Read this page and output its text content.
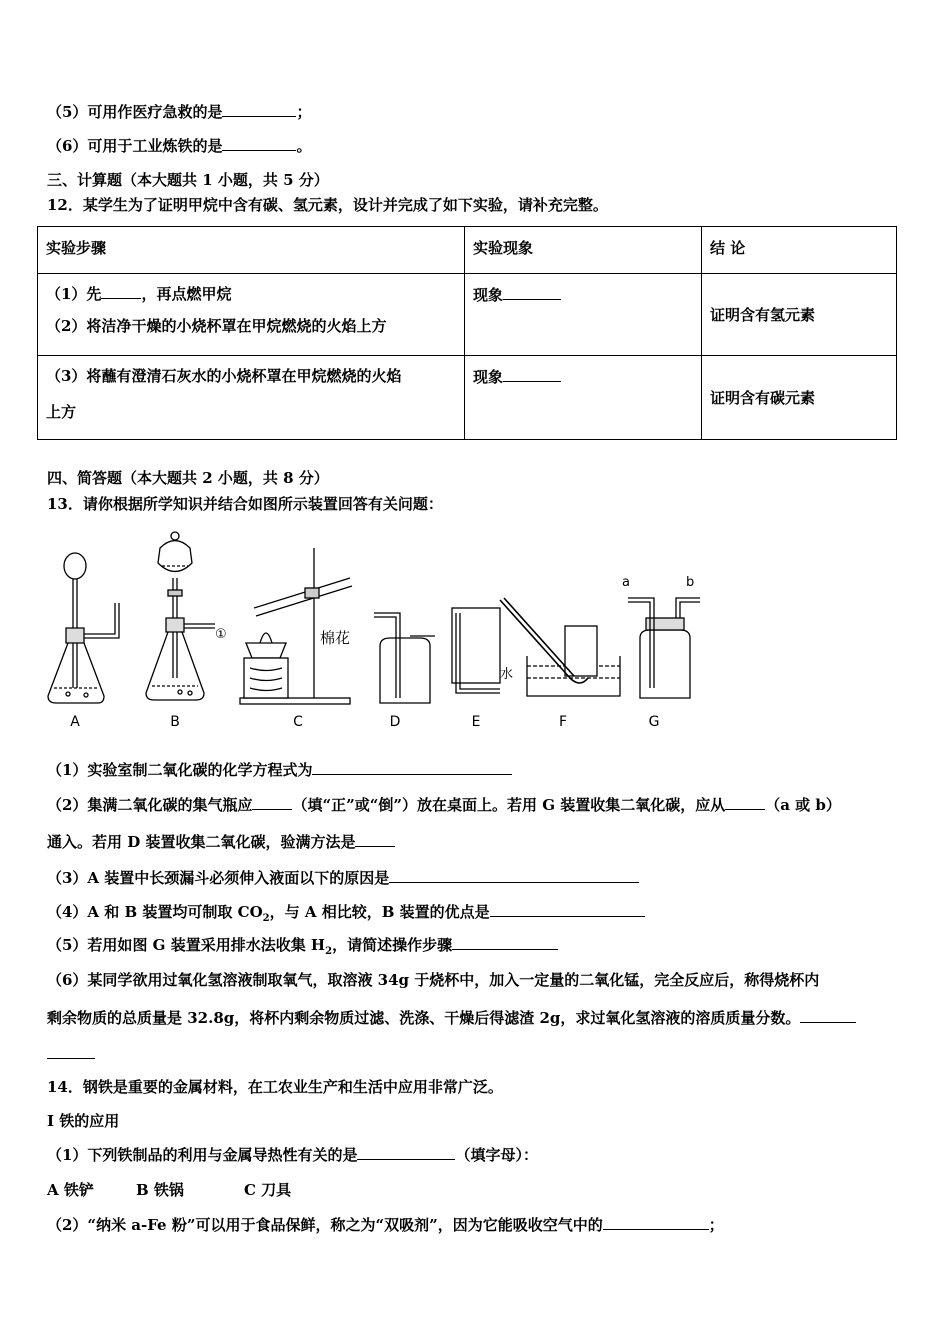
（5）可用作医疗急救的是	；
（6）可用于工业炼铁的是	。
三、计算题（本大题共 1 小题，共 5 分）
12．某学生为了证明甲烷中含有碳、氢元素，设计并完成了如下实验，请补充完整。
实验步骤	实验现象	结 论

（1）先 ，再点燃甲烷
（2）将洁净干燥的小烧杯罩在甲烷燃烧的火焰上方	现象	证明含有氢元素

（3）将蘸有澄清石灰水的小烧杯罩在甲烷燃烧的火焰
上方	现象	证明含有碳元素
四、简答题（本大题共 2 小题，共 8 分）
13．请你根据所学知识并结合如图所示装置回答有关问题：
①	棉花
水
a	b
A	B	C	D	E	F	G
（1）实验室制二氧化碳的化学方程式为
（2）集满二氧化碳的集气瓶应	（填“正”或“倒”）放在桌面上。若用 G 装置收集二氧化碳，应从	（a 或 b）
通入。若用 D 装置收集二氧化碳，验满方法是
（3）A 装置中长颈漏斗必须伸入液面以下的原因是
（4）A 和 B 装置均可制取 $CO_2$，与 A 相比较，B 装置的优点是
（5）若用如图 G 装置采用排水法收集 $H_2$，请简述操作步骤
（6）某同学欲用过氧化氢溶液制取氧气，取溶液 34g 于烧杯中，加入一定量的二氧化锰，完全反应后，称得烧杯内
剩余物质的总质量是 32.8g，将杯内剩余物质过滤、洗涤、干燥后得滤渣 2g，求过氧化氢溶液的溶质质量分数。
14．钢铁是重要的金属材料，在工农业生产和生活中应用非常广泛。
I 铁的应用
（1）下列铁制品的利用与金属导热性有关的是	（填字母）：
A 铁铲	B 铁锅	C 刀具
（2）“纳米 a-Fe 粉”可以用于食品保鲜，称之为“双吸剂”，因为它能吸收空气中的	；
